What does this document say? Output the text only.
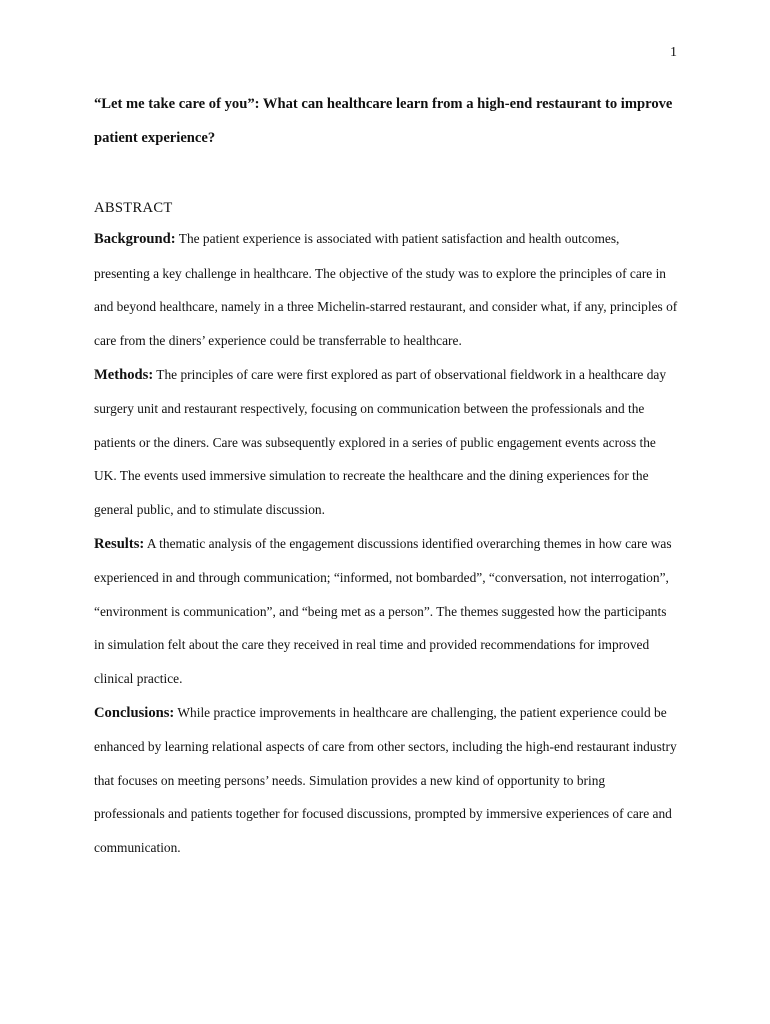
1
“Let me take care of you”: What can healthcare learn from a high-end restaurant to improve patient experience?
ABSTRACT

Background: The patient experience is associated with patient satisfaction and health outcomes, presenting a key challenge in healthcare. The objective of the study was to explore the principles of care in and beyond healthcare, namely in a three Michelin-starred restaurant, and consider what, if any, principles of care from the diners’ experience could be transferrable to healthcare.

Methods: The principles of care were first explored as part of observational fieldwork in a healthcare day surgery unit and restaurant respectively, focusing on communication between the professionals and the patients or the diners. Care was subsequently explored in a series of public engagement events across the UK. The events used immersive simulation to recreate the healthcare and the dining experiences for the general public, and to stimulate discussion.

Results: A thematic analysis of the engagement discussions identified overarching themes in how care was experienced in and through communication; “informed, not bombarded”, “conversation, not interrogation”, “environment is communication”, and “being met as a person”. The themes suggested how the participants in simulation felt about the care they received in real time and provided recommendations for improved clinical practice.

Conclusions: While practice improvements in healthcare are challenging, the patient experience could be enhanced by learning relational aspects of care from other sectors, including the high-end restaurant industry that focuses on meeting persons’ needs. Simulation provides a new kind of opportunity to bring professionals and patients together for focused discussions, prompted by immersive experiences of care and communication.
